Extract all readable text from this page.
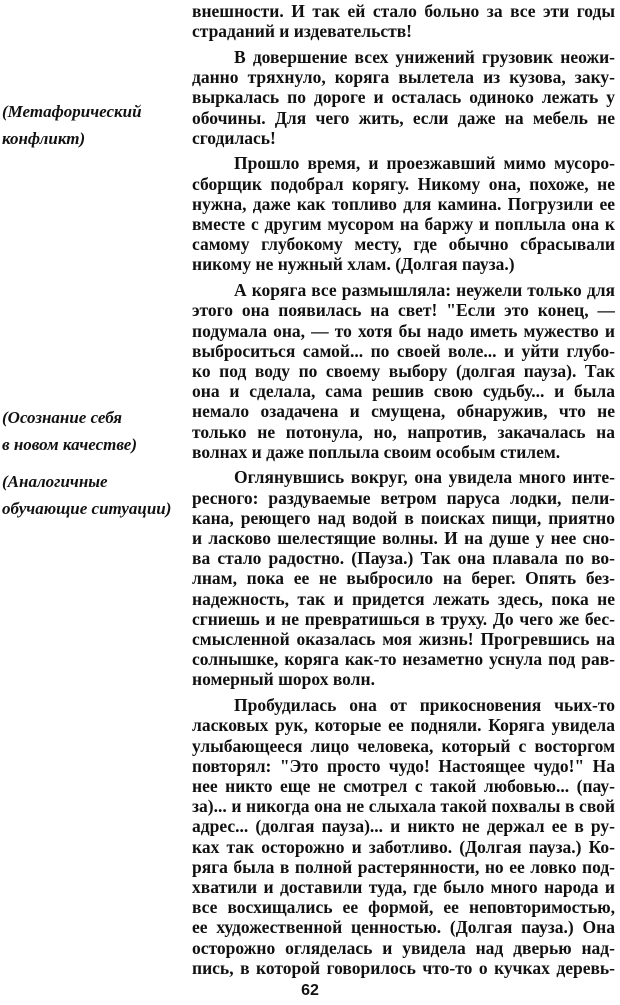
(Метафорический
конфликт)
(Осознание себя
в новом качестве)
(Аналогичные
обучающие ситуации)
внешности. И так ей стало больно за все эти годы
страданий и издевательств!
В довершение всех унижений грузовик неожи-
данно тряхнуло, коряга вылетела из кузова, заку-
выркалась по дороге и осталась одиноко лежать у
обочины. Для чего жить, если даже на мебель не
сгодилась!
Прошло время, и проезжавший мимо мусоро-
сборщик подобрал корягу. Никому она, похоже, не
нужна, даже как топливо для камина. Погрузили ее
вместе с другим мусором на баржу и поплыла она к
самому глубокому месту, где обычно сбрасывали
никому не нужный хлам. (Долгая пауза.)
А коряга все размышляла: неужели только для
этого она появилась на свет! "Если это конец, —
подумала она, — то хотя бы надо иметь мужество и
выброситься самой... по своей воле... и уйти глубо-
ко под воду по своему выбору (долгая пауза). Так
она и сделала, сама решив свою судьбу... и была
немало озадачена и смущена, обнаружив, что не
только не потонула, но, напротив, закачалась на
волнах и даже поплыла своим особым стилем.
Оглянувшись вокруг, она увидела много инте-
ресного: раздуваемые ветром паруса лодки, пели-
кана, реющего над водой в поисках пищи, приятно
и ласково шелестящие волны. И на душе у нее сно-
ва стало радостно. (Пауза.) Так она плавала по во-
лнам, пока ее не выбросило на берег. Опять без-
надежность, так и придется лежать здесь, пока не
сгниешь и не превратишься в труху. До чего же бес-
смысленной оказалась моя жизнь! Прогревшись на
солнышке, коряга как-то незаметно уснула под рав-
номерный шорох волн.
Пробудилась она от прикосновения чьих-то
ласковых рук, которые ее подняли. Коряга увидела
улыбающееся лицо человека, который с восторгом
повторял: "Это просто чудо! Настоящее чудо!" На
нее никто еще не смотрел с такой любовью... (пау-
за)... и никогда она не слыхала такой похвалы в свой
адрес... (долгая пауза)... и никто не держал ее в ру-
ках так осторожно и заботливо. (Долгая пауза.) Ко-
ряга была в полной растерянности, но ее ловко под-
хватили и доставили туда, где было много народа и
все восхищались ее формой, ее неповторимостью,
ее художественной ценностью. (Долгая пауза.) Она
осторожно огляделась и увидела над дверью над-
пись, в которой говорилось что-то о кучках деревь-
62
